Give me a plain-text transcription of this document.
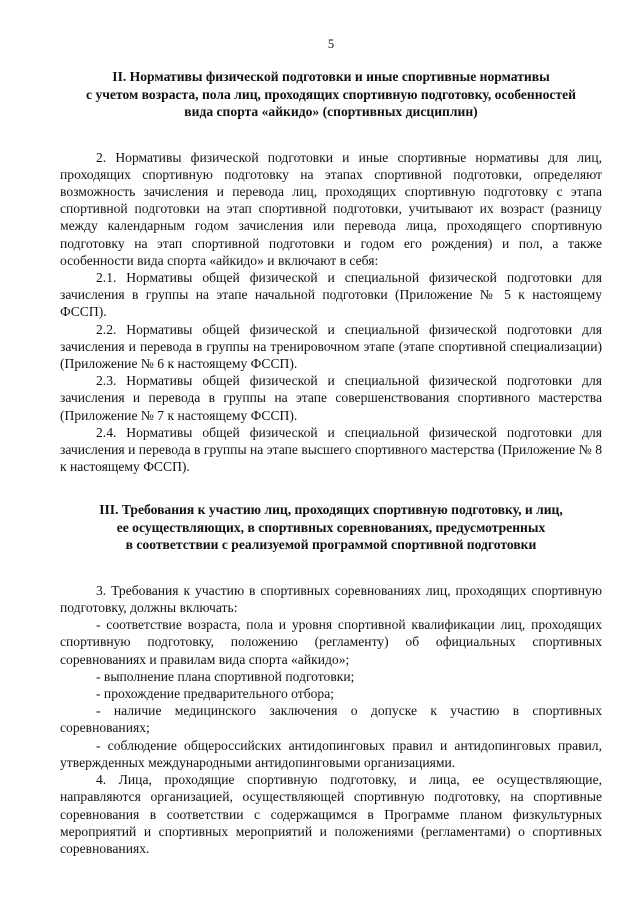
5
II. Нормативы физической подготовки и иные спортивные нормативы
с учетом возраста, пола лиц, проходящих спортивную подготовку, особенностей
вида спорта «айкидо» (спортивных дисциплин)

2. Нормативы физической подготовки и иные спортивные нормативы для лиц, проходящих спортивную подготовку на этапах спортивной подготовки, определяют возможность зачисления и перевода лиц, проходящих спортивную подготовку с этапа спортивной подготовки на этап спортивной подготовки, учитывают их возраст (разницу между календарным годом зачисления или перевода лица, проходящего спортивную подготовку на этап спортивной подготовки и годом его рождения) и пол, а также особенности вида спорта «айкидо» и включают в себя:

2.1. Нормативы общей физической и специальной физической подготовки для зачисления в группы на этапе начальной подготовки (Приложение № 5 к настоящему ФССП).

2.2. Нормативы общей физической и специальной физической подготовки для зачисления и перевода в группы на тренировочном этапе (этапе спортивной специализации) (Приложение № 6 к настоящему ФССП).

2.3. Нормативы общей физической и специальной физической подготовки для зачисления и перевода в группы на этапе совершенствования спортивного мастерства (Приложение № 7 к настоящему ФССП).

2.4. Нормативы общей физической и специальной физической подготовки для зачисления и перевода в группы на этапе высшего спортивного мастерства (Приложение № 8 к настоящему ФССП).

III. Требования к участию лиц, проходящих спортивную подготовку, и лиц,
ее осуществляющих, в спортивных соревнованиях, предусмотренных
в соответствии с реализуемой программой спортивной подготовки

3. Требования к участию в спортивных соревнованиях лиц, проходящих спортивную подготовку, должны включать:

- соответствие возраста, пола и уровня спортивной квалификации лиц, проходящих спортивную подготовку, положению (регламенту) об официальных спортивных соревнованиях и правилам вида спорта «айкидо»;

- выполнение плана спортивной подготовки;

- прохождение предварительного отбора;

- наличие медицинского заключения о допуске к участию в спортивных соревнованиях;

- соблюдение общероссийских антидопинговых правил и антидопинговых правил, утвержденных международными антидопинговыми организациями.

4. Лица, проходящие спортивную подготовку, и лица, ее осуществляющие, направляются организацией, осуществляющей спортивную подготовку, на спортивные соревнования в соответствии с содержащимся в Программе планом физкультурных мероприятий и спортивных мероприятий и положениями (регламентами) о спортивных соревнованиях.
